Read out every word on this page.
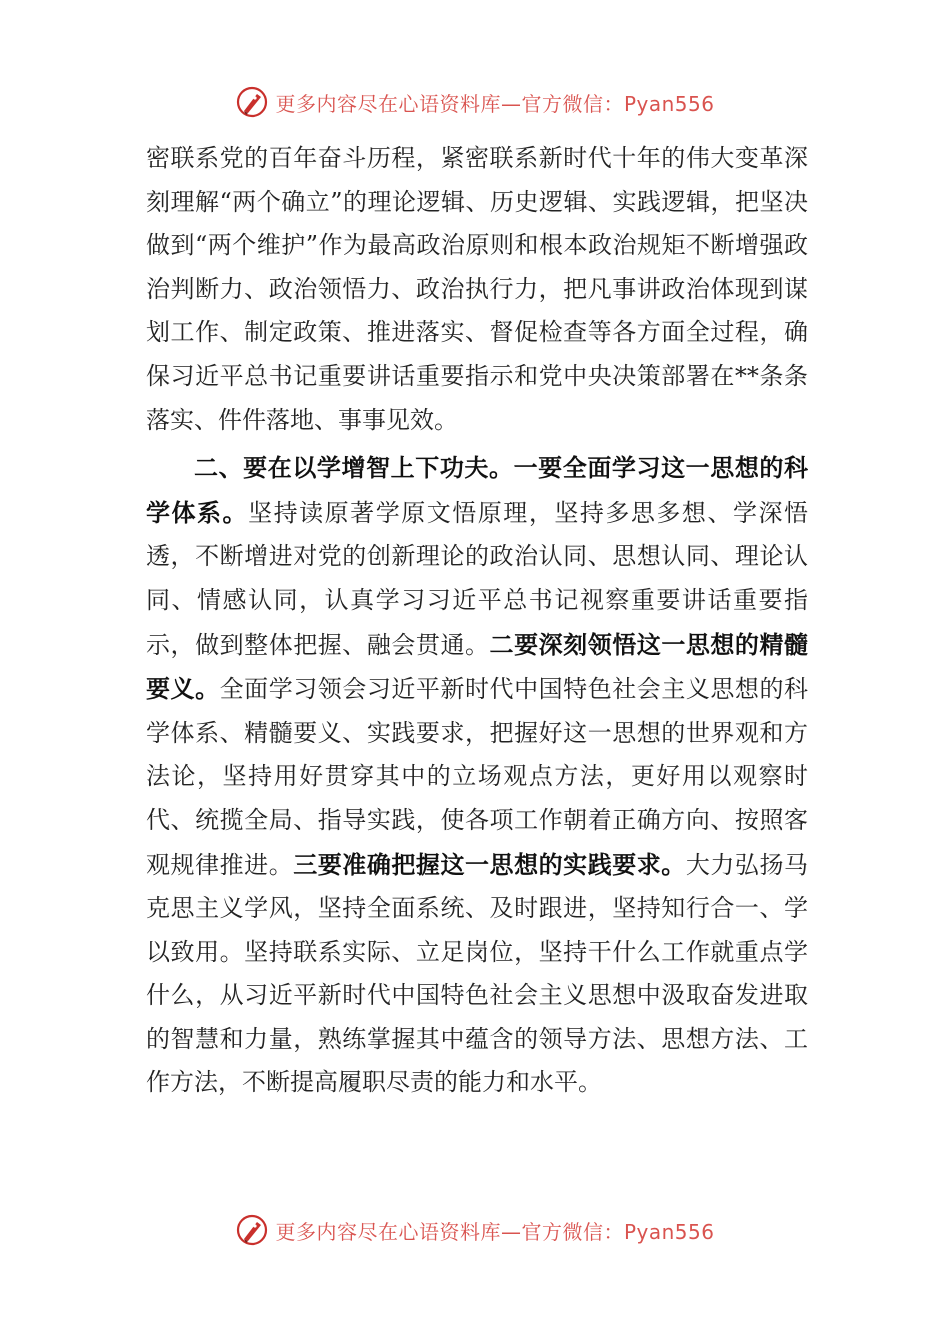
更多内容尽在心语资料库—官方微信：Pyan556

密联系党的百年奋斗历程，紧密联系新时代十年的伟大变革深刻理解“两个确立”的理论逻辑、历史逻辑、实践逻辑，把坚决做到“两个维护”作为最高政治原则和根本政治规矩不断增强政治判断力、政治领悟力、政治执行力，把凡事讲政治体现到谋划工作、制定政策、推进落实、督促检查等各方面全过程，确保习近平总书记重要讲话重要指示和党中央决策部署在**条条落实、件件落地、事事见效。

二、要在以学增智上下功夫。一要全面学习这一思想的科学体系。坚持读原著学原文悟原理，坚持多思多想、学深悟透，不断增进对党的创新理论的政治认同、思想认同、理论认同、情感认同，认真学习习近平总书记视察重要讲话重要指示，做到整体把握、融会贯通。二要深刻领悟这一思想的精髓要义。全面学习领会习近平新时代中国特色社会主义思想的科学体系、精髓要义、实践要求，把握好这一思想的世界观和方法论，坚持用好贯穿其中的立场观点方法，更好用以观察时代、统揽全局、指导实践，使各项工作朝着正确方向、按照客观规律推进。三要准确把握这一思想的实践要求。大力弘扬马克思主义学风，坚持全面系统、及时跟进，坚持知行合一、学以致用。坚持联系实际、立足岗位，坚持干什么工作就重点学什么，从习近平新时代中国特色社会主义思想中汲取奋发进取的智慧和力量，熟练掌握其中蕴含的领导方法、思想方法、工作方法，不断提高履职尽责的能力和水平。

更多内容尽在心语资料库—官方微信：Pyan556
